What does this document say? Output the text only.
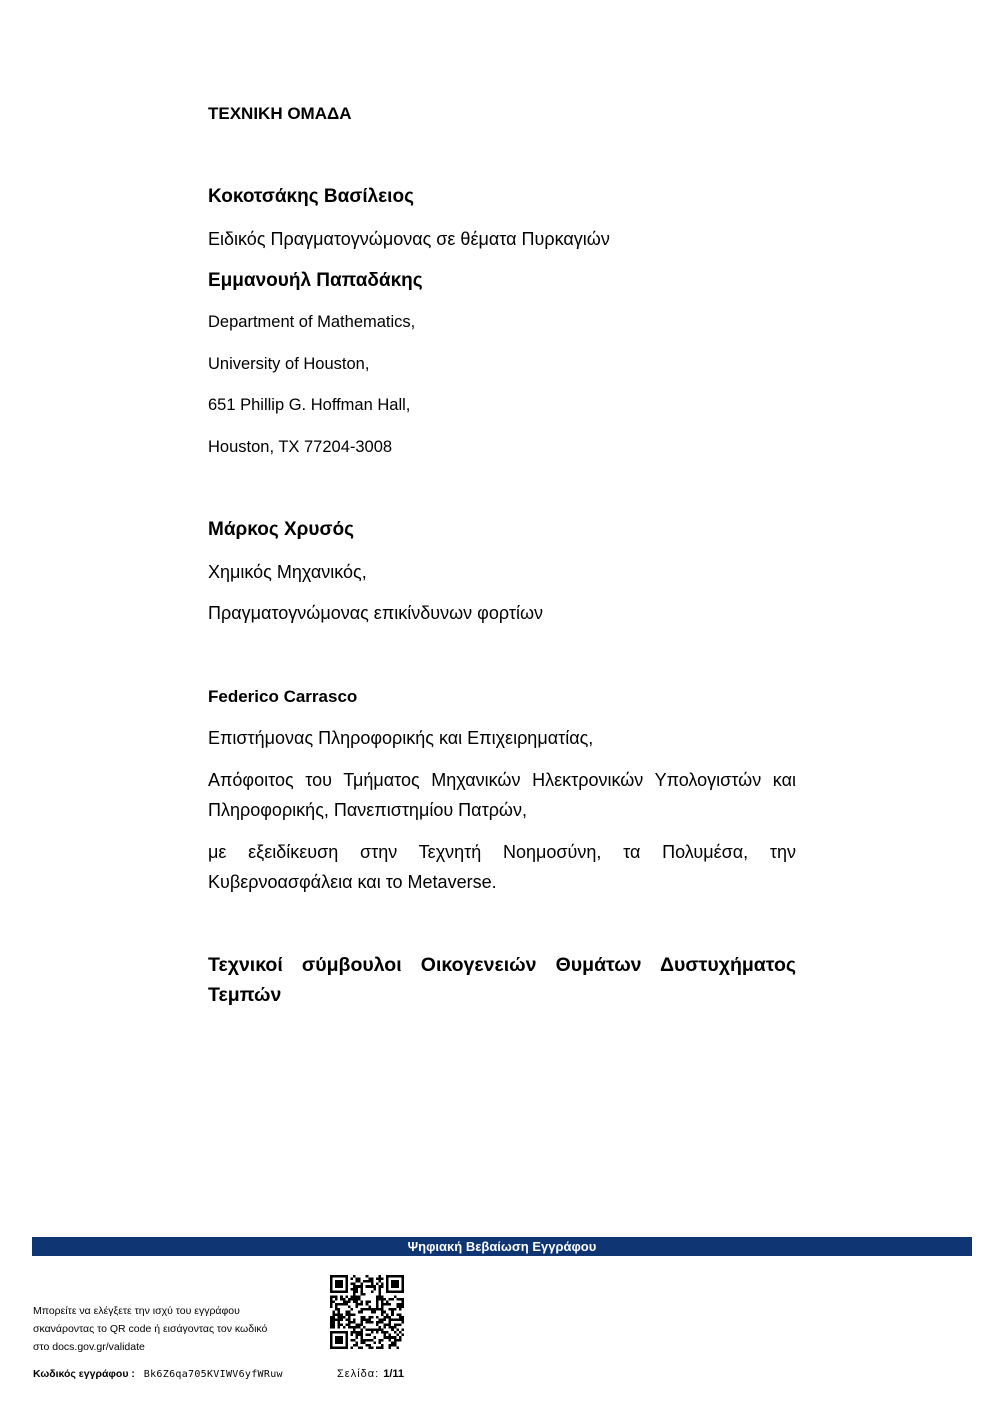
ΤΕΧΝΙΚΗ ΟΜΑΔΑ
Κοκοτσάκης Βασίλειος
Ειδικός Πραγματογνώμονας σε θέματα Πυρκαγιών
Εμμανουήλ Παπαδάκης
Department of Mathematics,
University of Houston,
651 Phillip G. Hoffman Hall,
Houston, TX 77204-3008
Μάρκος Χρυσός
Χημικός Μηχανικός,
Πραγματογνώμονας επικίνδυνων φορτίων
Federico Carrasco
Επιστήμονας Πληροφορικής και Επιχειρηματίας,
Απόφοιτος του Τμήματος Μηχανικών Ηλεκτρονικών Υπολογιστών και Πληροφορικής, Πανεπιστημίου Πατρών,
με εξειδίκευση στην Τεχνητή Νοημοσύνη, τα Πολυμέσα, την Κυβερνοασφάλεια και το Metaverse.
Τεχνικοί σύμβουλοι Οικογενειών Θυμάτων Δυστυχήματος Τεμπών
Ψηφιακή Βεβαίωση Εγγράφου
Μπορείτε να ελέγξετε την ισχύ του εγγράφου
σκανάροντας το QR code ή εισάγοντας τον κωδικό
στο docs.gov.gr/validate
Κωδικός εγγράφου : Bk6Z6qa705KVIWV6yfWRuw	Σελίδα: 1/11
